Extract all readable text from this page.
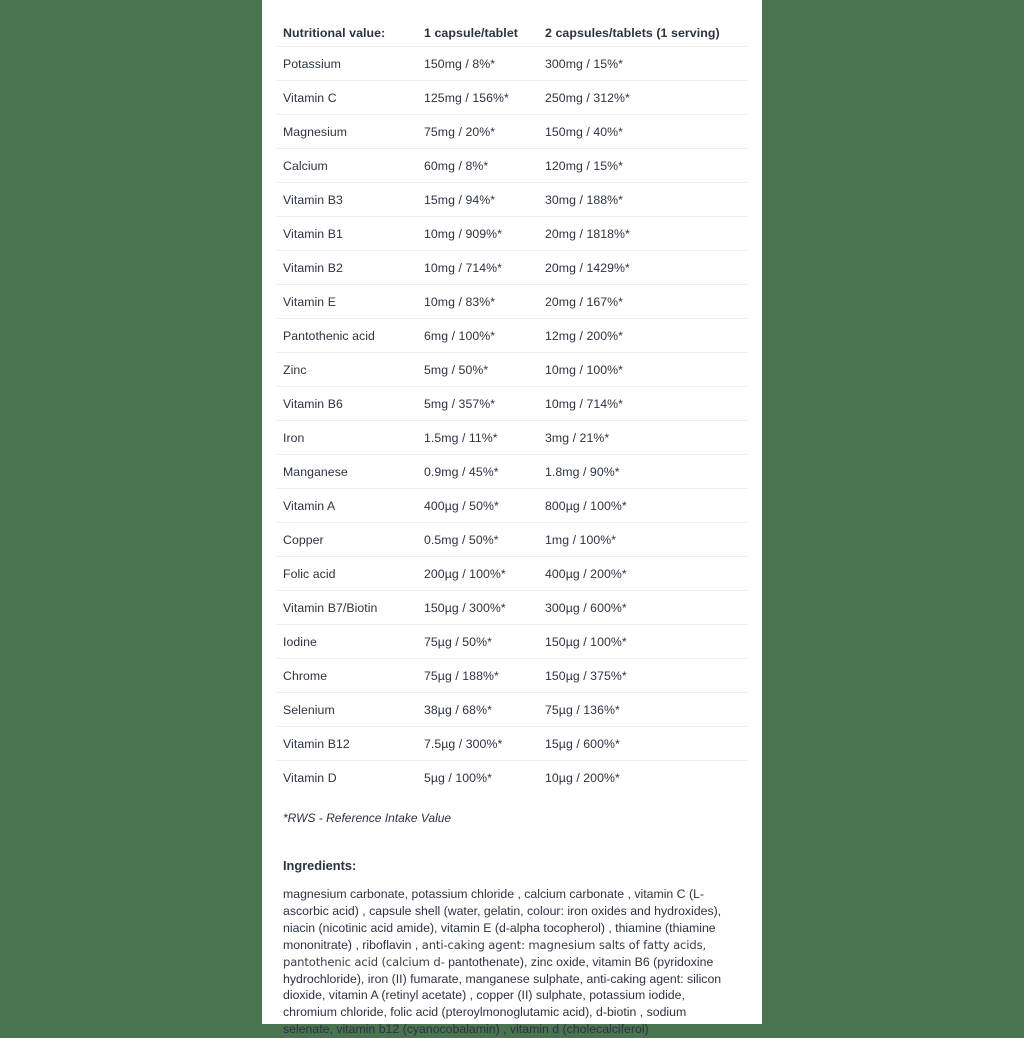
Nutritional value:	1 capsule/tablet	2 capsules/tablets (1 serving)
Potassium	150mg / 8%*	300mg / 15%*
Vitamin C	125mg / 156%*	250mg / 312%*
Magnesium	75mg / 20%*	150mg / 40%*
Calcium	60mg / 8%*	120mg / 15%*
Vitamin B3	15mg / 94%*	30mg / 188%*
Vitamin B1	10mg / 909%*	20mg / 1818%*
Vitamin B2	10mg / 714%*	20mg / 1429%*
Vitamin E	10mg / 83%*	20mg / 167%*
Pantothenic acid	6mg / 100%*	12mg / 200%*
Zinc	5mg / 50%*	10mg / 100%*
Vitamin B6	5mg / 357%*	10mg / 714%*
Iron	1.5mg / 11%*	3mg / 21%*
Manganese	0.9mg / 45%*	1.8mg / 90%*
Vitamin A	400µg / 50%*	800µg / 100%*
Copper	0.5mg / 50%*	1mg / 100%*
Folic acid	200µg / 100%*	400µg / 200%*
Vitamin B7/Biotin	150µg / 300%*	300µg / 600%*
Iodine	75µg / 50%*	150µg / 100%*
Chrome	75µg / 188%*	150µg / 375%*
Selenium	38µg / 68%*	75µg / 136%*
Vitamin B12	7.5µg / 300%*	15µg / 600%*
Vitamin D	5µg / 100%*	10µg / 200%*
*RWS - Reference Intake Value
Ingredients:
magnesium carbonate, potassium chloride , calcium carbonate , vitamin C (L-ascorbic acid) , capsule shell (water, gelatin, colour: iron oxides and hydroxides), niacin (nicotinic acid amide), vitamin E (d-alpha tocopherol) , thiamine (thiamine mononitrate) , riboflavin , anti-caking agent: magnesium salts of fatty acids, pantothenic acid (calcium d- pantothenate), zinc oxide, vitamin B6 (pyridoxine hydrochloride), iron (II) fumarate, manganese sulphate, anti-caking agent: silicon dioxide, vitamin A (retinyl acetate) , copper (II) sulphate, potassium iodide, chromium chloride, folic acid (pteroylmonoglutamic acid), d-biotin , sodium selenate, vitamin b12 (cyanocobalamin) , vitamin d (cholecalciferol)
